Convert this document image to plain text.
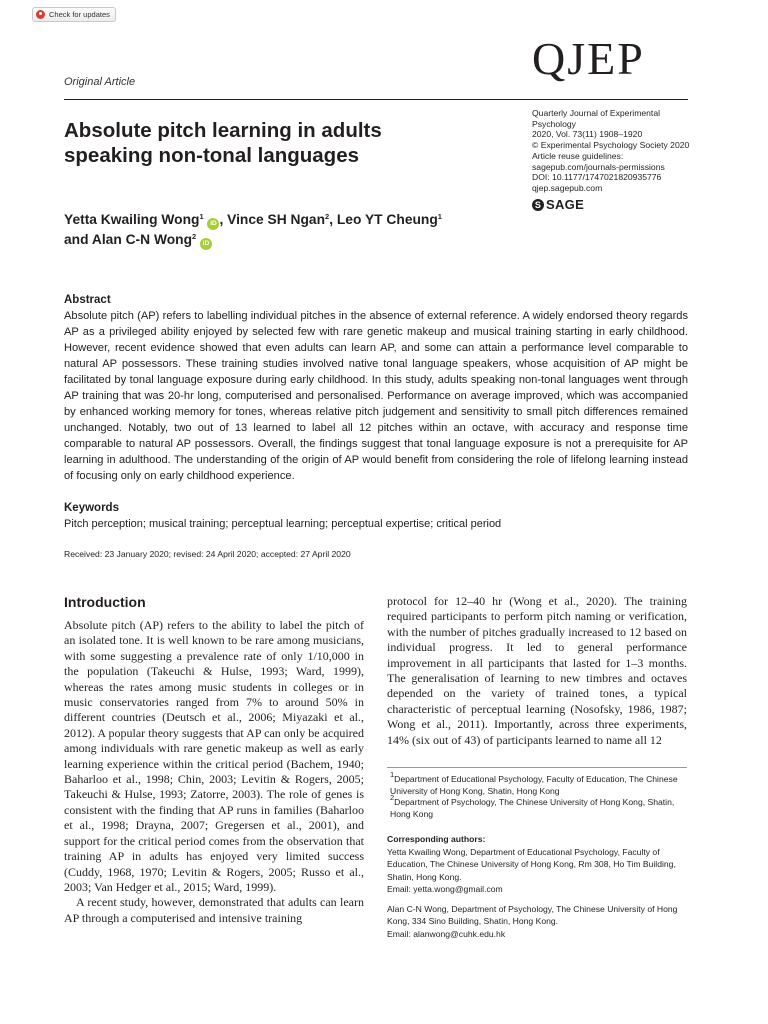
Check for updates
Original Article	QJEP
Quarterly Journal of Experimental
Psychology
2020, Vol. 73(11) 1908–1920
© Experimental Psychology Society 2020
Article reuse guidelines:
sagepub.com/journals-permissions
DOI: 10.1177/1747021820935776
qjep.sagepub.com
S SAGE
Absolute pitch learning in adults speaking non-tonal languages
Yetta Kwailing Wong$^1$ iD , Vince SH Ngan$^2$, Leo YT Cheung$^1$
and Alan C-N Wong$^2$ iD
Abstract
Absolute pitch (AP) refers to labelling individual pitches in the absence of external reference. A widely endorsed theory regards AP as a privileged ability enjoyed by selected few with rare genetic makeup and musical training starting in early childhood. However, recent evidence showed that even adults can learn AP, and some can attain a performance level comparable to natural AP possessors. These training studies involved native tonal language speakers, whose acquisition of AP might be facilitated by tonal language exposure during early childhood. In this study, adults speaking non-tonal languages went through AP training that was 20-hr long, computerised and personalised. Performance on average improved, which was accompanied by enhanced working memory for tones, whereas relative pitch judgement and sensitivity to small pitch differences remained unchanged. Notably, two out of 13 learned to label all 12 pitches within an octave, with accuracy and response time comparable to natural AP possessors. Overall, the findings suggest that tonal language exposure is not a prerequisite for AP learning in adulthood. The understanding of the origin of AP would benefit from considering the role of lifelong learning instead of focusing only on early childhood experience.
Keywords
Pitch perception; musical training; perceptual learning; perceptual expertise; critical period
Received: 23 January 2020; revised: 24 April 2020; accepted: 27 April 2020
Introduction

Absolute pitch (AP) refers to the ability to label the pitch of an isolated tone. It is well known to be rare among musicians, with some suggesting a prevalence rate of only 1/10,000 in the population (Takeuchi & Hulse, 1993; Ward, 1999), whereas the rates among music students in colleges or in music conservatories ranged from 7% to around 50% in different countries (Deutsch et al., 2006; Miyazaki et al., 2012). A popular theory suggests that AP can only be acquired among individuals with rare genetic makeup as well as early learning experience within the critical period (Bachem, 1940; Baharloo et al., 1998; Chin, 2003; Levitin & Rogers, 2005; Takeuchi & Hulse, 1993; Zatorre, 2003). The role of genes is consistent with the finding that AP runs in families (Baharloo et al., 1998; Drayna, 2007; Gregersen et al., 2001), and support for the critical period comes from the observation that training AP in adults has enjoyed very limited success (Cuddy, 1968, 1970; Levitin & Rogers, 2005; Russo et al., 2003; Van Hedger et al., 2015; Ward, 1999).

A recent study, however, demonstrated that adults can learn AP through a computerised and intensive training

protocol for 12–40 hr (Wong et al., 2020). The training required participants to perform pitch naming or verification, with the number of pitches gradually increased to 12 based on individual progress. It led to general performance improvement in all participants that lasted for 1–3 months. The generalisation of learning to new timbres and octaves depended on the variety of trained tones, a typical characteristic of perceptual learning (Nosofsky, 1986, 1987; Wong et al., 2011). Importantly, across three experiments, 14% (six out of 43) of participants learned to name all 12

$^1$Department of Educational Psychology, Faculty of Education, The Chinese University of Hong Kong, Shatin, Hong Kong
$^2$Department of Psychology, The Chinese University of Hong Kong, Shatin, Hong Kong
Corresponding authors:
Yetta Kwailing Wong, Department of Educational Psychology, Faculty of Education, The Chinese University of Hong Kong, Rm 308, Ho Tim Building, Shatin, Hong Kong.
Email: yetta.wong@gmail.com
Alan C-N Wong, Department of Psychology, The Chinese University of Hong Kong, 334 Sino Building, Shatin, Hong Kong.
Email: alanwong@cuhk.edu.hk
